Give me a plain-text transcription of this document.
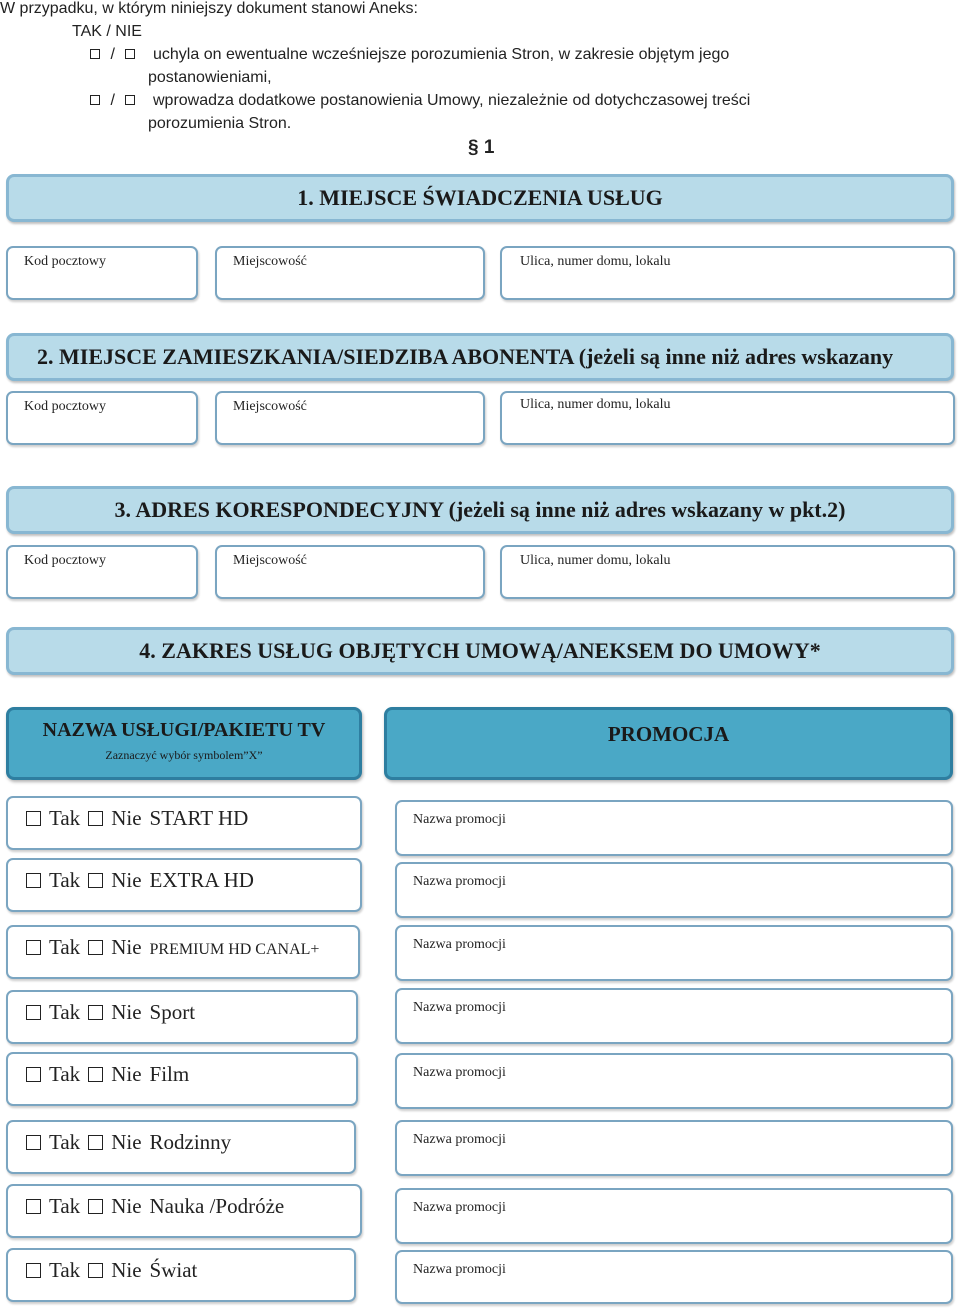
W przypadku, w którym niniejszy dokument stanowi Aneks:
TAK / NIE
/	uchyla on ewentualne wcześniejsze porozumienia Stron, w zakresie objętym jego
postanowieniami,
/	wprowadza dodatkowe postanowienia Umowy, niezależnie od dotychczasowej treści
porozumienia Stron.
§ 1
1. MIEJSCE ŚWIADCZENIA USŁUG
Kod pocztowy	Miejscowość	Ulica, numer domu, lokalu
2. MIEJSCE ZAMIESZKANIA/SIEDZIBA ABONENTA (jeżeli są inne niż adres wskazany
Kod pocztowy	Miejscowość	Ulica, numer domu, lokalu
3. ADRES KORESPONDECYJNY (jeżeli są inne niż adres wskazany w pkt.2)
Kod pocztowy	Miejscowość	Ulica, numer domu, lokalu
4. ZAKRES USŁUG OBJĘTYCH UMOWĄ/ANEKSEM DO UMOWY*
NAZWA USŁUGI/PAKIETU TV
Zaznaczyć wybór symbolem”X”
PROMOCJA
Tak Nie START HD	Nazwa promocji
Tak Nie EXTRA HD	Nazwa promocji
Tak Nie PREMIUM HD CANAL+	Nazwa promocji
Tak Nie Sport	Nazwa promocji
Tak Nie Film	Nazwa promocji
Tak Nie Rodzinny	Nazwa promocji
Tak Nie Nauka /Podróże	Nazwa promocji
Tak Nie Świat	Nazwa promocji
